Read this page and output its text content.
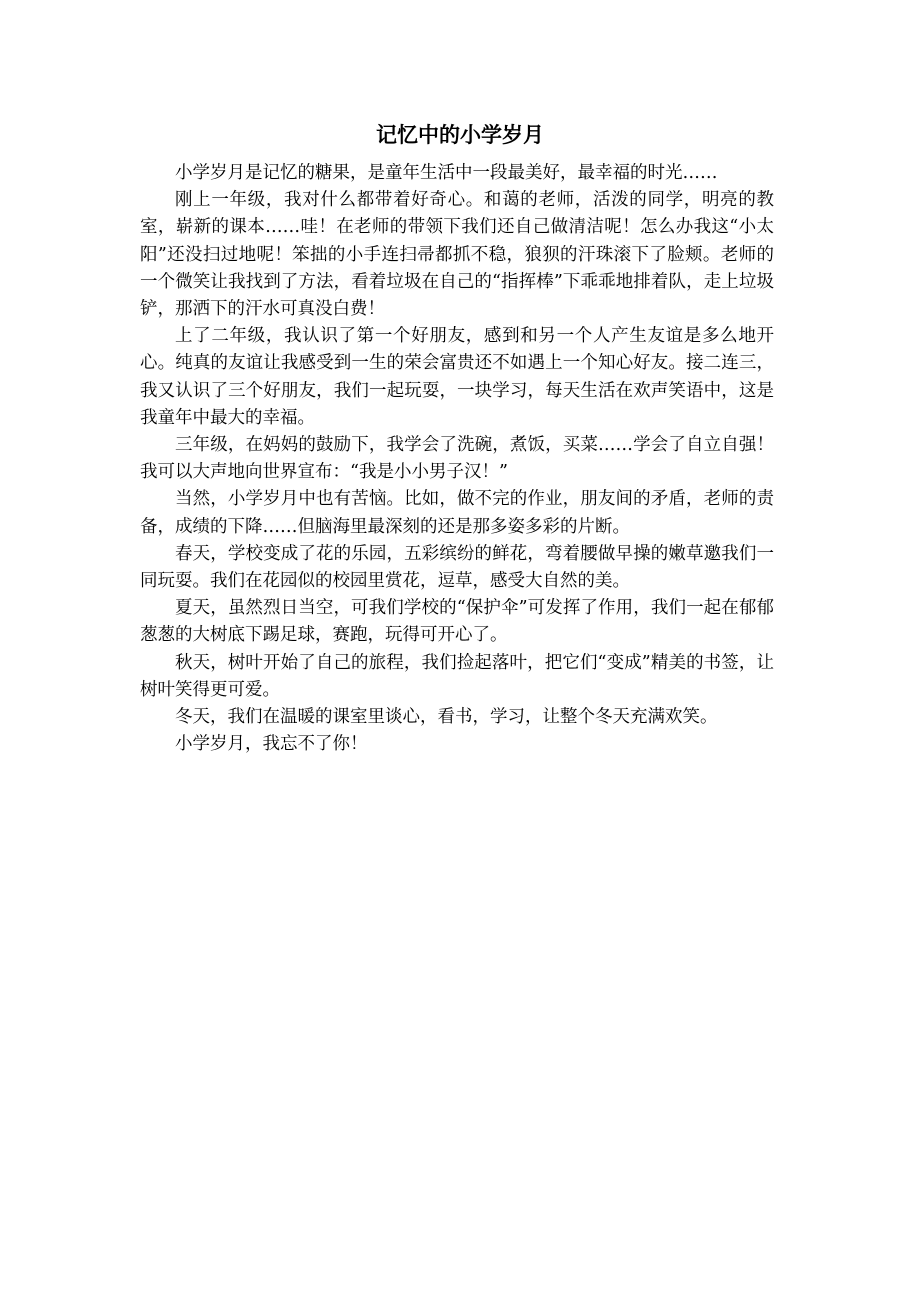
记忆中的小学岁月

小学岁月是记忆的糖果，是童年生活中一段最美好，最幸福的时光……

刚上一年级，我对什么都带着好奇心。和蔼的老师，活泼的同学，明亮的教室，崭新的课本……哇！在老师的带领下我们还自己做清洁呢！怎么办我这“小太阳”还没扫过地呢！笨拙的小手连扫帚都抓不稳，狼狈的汗珠滚下了脸颊。老师的一个微笑让我找到了方法，看着垃圾在自己的“指挥棒”下乖乖地排着队，走上垃圾铲，那洒下的汗水可真没白费！

上了二年级，我认识了第一个好朋友，感到和另一个人产生友谊是多么地开心。纯真的友谊让我感受到一生的荣会富贵还不如遇上一个知心好友。接二连三，我又认识了三个好朋友，我们一起玩耍，一块学习，每天生活在欢声笑语中，这是我童年中最大的幸福。

三年级，在妈妈的鼓励下，我学会了洗碗，煮饭，买菜……学会了自立自强！我可以大声地向世界宣布：“我是小小男子汉！”

当然，小学岁月中也有苦恼。比如，做不完的作业，朋友间的矛盾，老师的责备，成绩的下降……但脑海里最深刻的还是那多姿多彩的片断。

春天，学校变成了花的乐园，五彩缤纷的鲜花，弯着腰做早操的嫩草邀我们一同玩耍。我们在花园似的校园里赏花，逗草，感受大自然的美。

夏天，虽然烈日当空，可我们学校的“保护伞”可发挥了作用，我们一起在郁郁葱葱的大树底下踢足球，赛跑，玩得可开心了。

秋天，树叶开始了自己的旅程，我们捡起落叶，把它们“变成”精美的书签，让树叶笑得更可爱。

冬天，我们在温暖的课室里谈心，看书，学习，让整个冬天充满欢笑。

小学岁月，我忘不了你！
